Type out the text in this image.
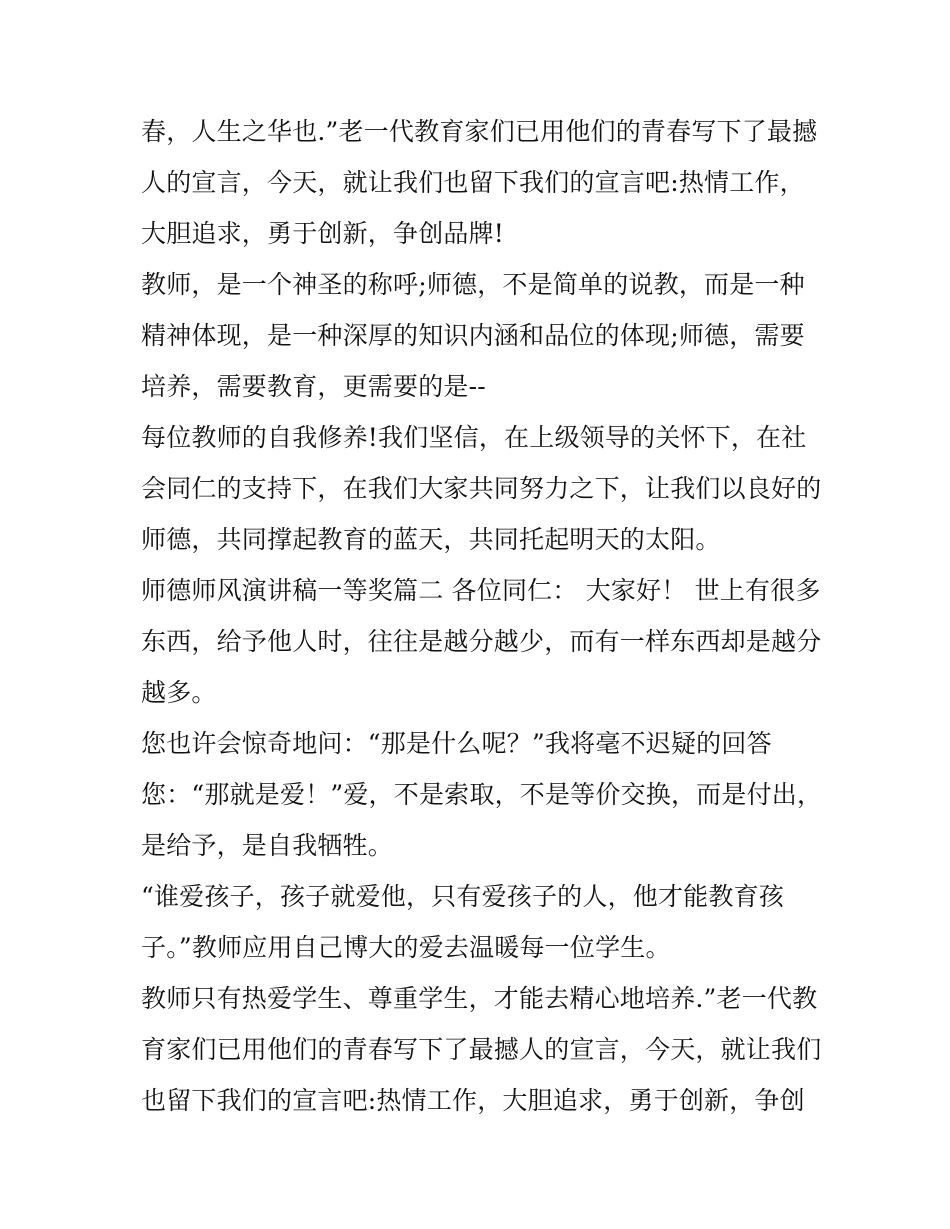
春，人生之华也.”老一代教育家们已用他们的青春写下了最撼
人的宣言，今天，就让我们也留下我们的宣言吧:热情工作，
大胆追求，勇于创新，争创品牌!
教师，是一个神圣的称呼;师德，不是简单的说教，而是一种
精神体现，是一种深厚的知识内涵和品位的体现;师德，需要
培养，需要教育，更需要的是--
每位教师的自我修养!我们坚信，在上级领导的关怀下，在社
会同仁的支持下，在我们大家共同努力之下，让我们以良好的
师德，共同撑起教育的蓝天，共同托起明天的太阳。
师德师风演讲稿一等奖篇二 各位同仁： 大家好！ 世上有很多
东西，给予他人时，往往是越分越少，而有一样东西却是越分
越多。
您也许会惊奇地问：“那是什么呢？”我将毫不迟疑的回答
您：“那就是爱！”爱，不是索取，不是等价交换，而是付出，
是给予，是自我牺牲。
“谁爱孩子，孩子就爱他，只有爱孩子的人，他才能教育孩
子。”教师应用自己博大的爱去温暖每一位学生。
教师只有热爱学生、尊重学生，才能去精心地培养.”老一代教
育家们已用他们的青春写下了最撼人的宣言，今天，就让我们
也留下我们的宣言吧:热情工作，大胆追求，勇于创新，争创
